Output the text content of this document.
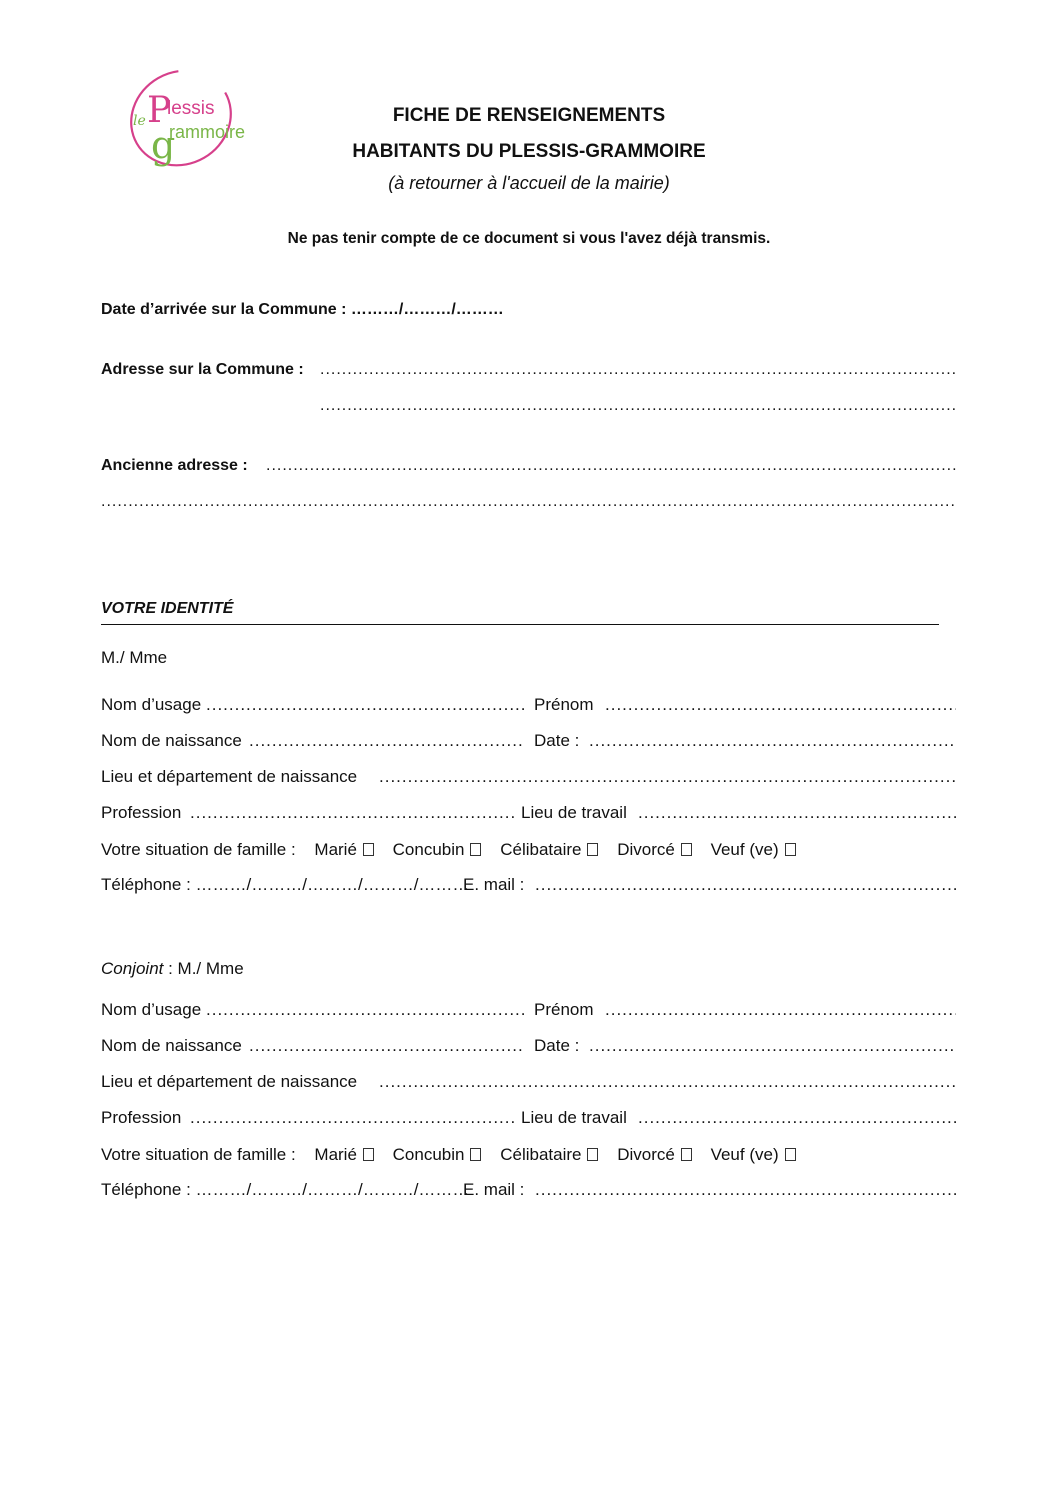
le P
lessis
g
rammoire
FICHE DE RENSEIGNEMENTS
HABITANTS DU PLESSIS-GRAMMOIRE
(à retourner à l'accueil de la mairie)
Ne pas tenir compte de ce document si vous l'avez déjà transmis.
Date d’arrivée sur la Commune : ………/………/………
Adresse sur la Commune :
.....
.....
Ancienne adresse :
.....
.....
VOTRE IDENTITÉ
M./ Mme
Nom d’usage .....	Prénom
.....
Nom de naissance .....	Date :
.....
Lieu et département de naissance
.....
Profession .....	Lieu de travail
.....
Votre situation de famille : Marié Concubin Célibataire Divorcé Veuf (ve)
Téléphone : ………/………/………/………/………
E. mail :
.....
Conjoint : M./ Mme
Nom d’usage .....	Prénom
.....
Nom de naissance .....	Date :
.....
Lieu et département de naissance
.....
Profession .....	Lieu de travail
.....
Votre situation de famille : Marié Concubin Célibataire Divorcé Veuf (ve)
Téléphone : ………/………/………/………/………
E. mail :
.....
